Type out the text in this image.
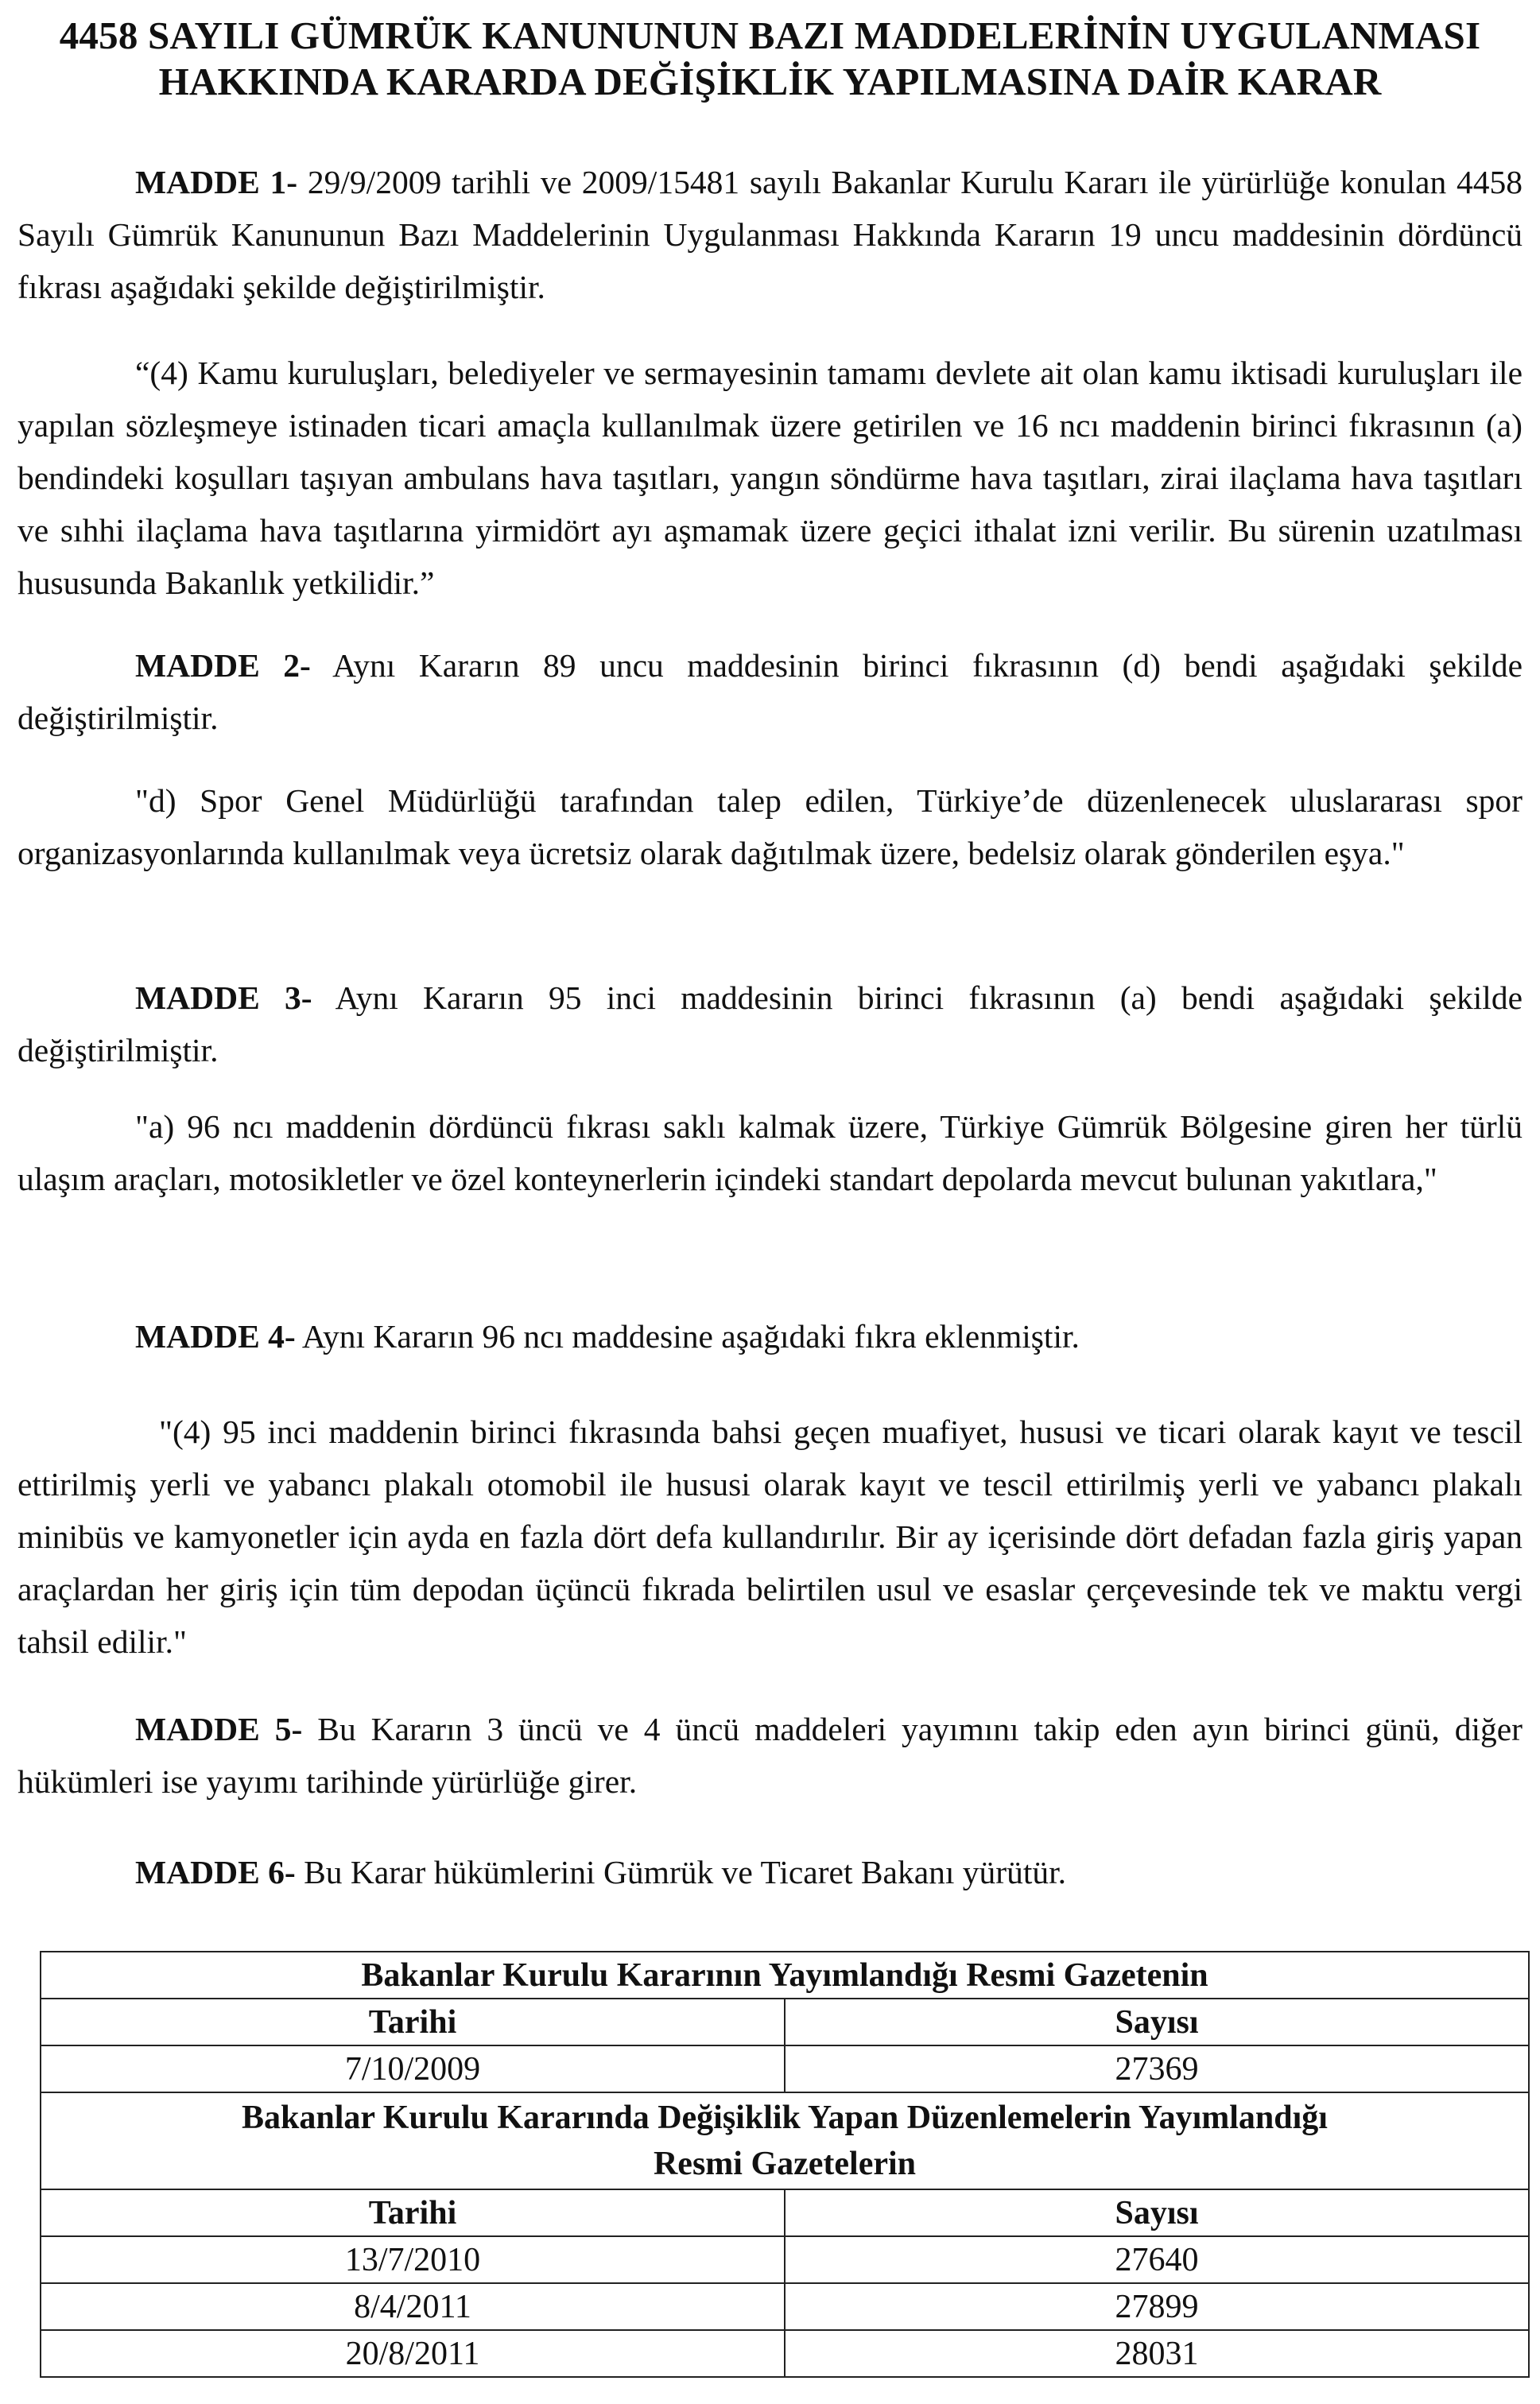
4458 SAYILI GÜMRÜK KANUNUNUN BAZI MADDELERİNİN UYGULANMASI
HAKKINDA KARARDA DEĞİŞİKLİK YAPILMASINA DAİR KARAR

MADDE 1- 29/9/2009 tarihli ve 2009/15481 sayılı Bakanlar Kurulu Kararı ile yürürlüğe konulan 4458 Sayılı Gümrük Kanununun Bazı Maddelerinin Uygulanması Hakkında Kararın 19 uncu maddesinin dördüncü fıkrası aşağıdaki şekilde değiştirilmiştir.

“(4) Kamu kuruluşları, belediyeler ve sermayesinin tamamı devlete ait olan kamu iktisadi kuruluşları ile yapılan sözleşmeye istinaden ticari amaçla kullanılmak üzere getirilen ve 16 ncı maddenin birinci fıkrasının (a) bendindeki koşulları taşıyan ambulans hava taşıtları, yangın söndürme hava taşıtları, zirai ilaçlama hava taşıtları ve sıhhi ilaçlama hava taşıtlarına yirmidört ayı aşmamak üzere geçici ithalat izni verilir. Bu sürenin uzatılması hususunda Bakanlık yetkilidir.”

MADDE 2- Aynı Kararın 89 uncu maddesinin birinci fıkrasının (d) bendi aşağıdaki şekilde değiştirilmiştir.

"d) Spor Genel Müdürlüğü tarafından talep edilen, Türkiye’de düzenlenecek uluslararası spor organizasyonlarında kullanılmak veya ücretsiz olarak dağıtılmak üzere, bedelsiz olarak gönderilen eşya."

MADDE 3- Aynı Kararın 95 inci maddesinin birinci fıkrasının (a) bendi aşağıdaki şekilde değiştirilmiştir.

"a) 96 ncı maddenin dördüncü fıkrası saklı kalmak üzere, Türkiye Gümrük Bölgesine giren her türlü ulaşım araçları, motosikletler ve özel konteynerlerin içindeki standart depolarda mevcut bulunan yakıtlara,"

MADDE 4- Aynı Kararın 96 ncı maddesine aşağıdaki fıkra eklenmiştir.

"(4) 95 inci maddenin birinci fıkrasında bahsi geçen muafiyet, hususi ve ticari olarak kayıt ve tescil ettirilmiş yerli ve yabancı plakalı otomobil ile hususi olarak kayıt ve tescil ettirilmiş yerli ve yabancı plakalı minibüs ve kamyonetler için ayda en fazla dört defa kullandırılır. Bir ay içerisinde dört defadan fazla giriş yapan araçlardan her giriş için tüm depodan üçüncü fıkrada belirtilen usul ve esaslar çerçevesinde tek ve maktu vergi tahsil edilir."

MADDE 5- Bu Kararın 3 üncü ve 4 üncü maddeleri yayımını takip eden ayın birinci günü, diğer hükümleri ise yayımı tarihinde yürürlüğe girer.

MADDE 6- Bu Karar hükümlerini Gümrük ve Ticaret Bakanı yürütür.

Bakanlar Kurulu Kararının Yayımlandığı Resmi Gazetenin	
Tarihi	Sayısı
7/10/2009	27369
Bakanlar Kurulu Kararında Değişiklik Yapan Düzenlemelerin Yayımlandığı
Resmi Gazetelerin	
Tarihi	Sayısı
13/7/2010	27640
8/4/2011	27899
20/8/2011	28031
